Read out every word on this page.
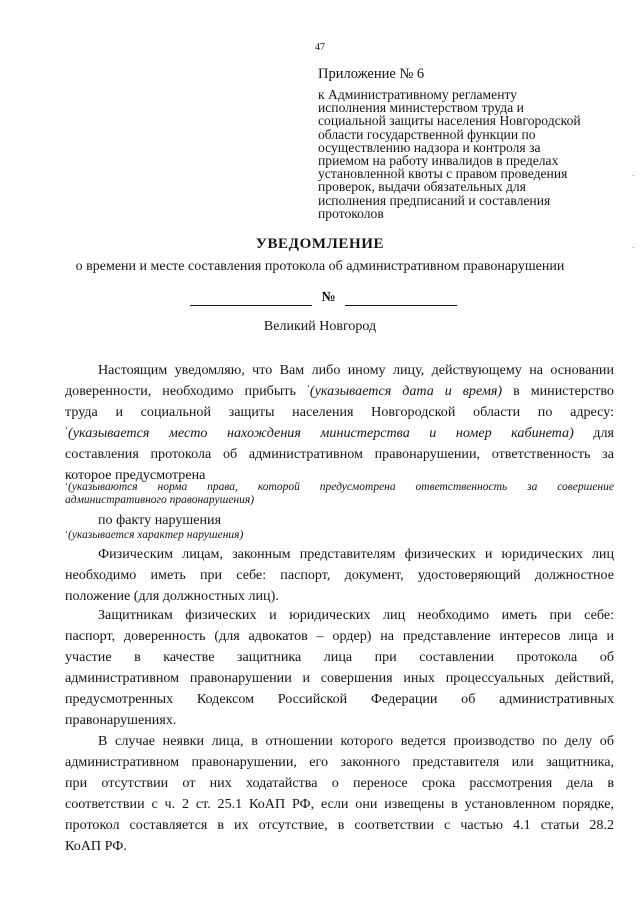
47
Приложение № 6
к Административному регламенту
исполнения министерством труда и
социальной защиты населения Новгородской
области государственной функции по
осуществлению надзора и контроля за
приемом на работу инвалидов в пределах
установленной квоты с правом проведения
проверок, выдачи обязательных для
исполнения предписаний и составления
протоколов
УВЕДОМЛЕНИЕ
о времени и месте составления протокола об административном правонарушении
№
Великий Новгород
Настоящим уведомляю, что Вам либо иному лицу, действующему на основании
доверенности, необходимо прибыть ‘(указывается дата и время) в министерство
труда и социальной защиты населения Новгородской области по адресу:
‘(указывается место нахождения министерства и номер кабинета) для
составления протокола об административном правонарушении, ответственность за
которое предусмотрена
‘(указываются норма права, которой предусмотрена ответственность за совершение
административного правонарушения)
по факту нарушения
‘(указывается характер нарушения)
Физическим лицам, законным представителям физических и юридических лиц
необходимо иметь при себе: паспорт, документ, удостоверяющий должностное
положение (для должностных лиц).
Защитникам физических и юридических лиц необходимо иметь при себе:
паспорт, доверенность (для адвокатов – ордер) на представление интересов лица и
участие в качестве защитника лица при составлении протокола об
административном правонарушении и совершения иных процессуальных действий,
предусмотренных Кодексом Российской Федерации об административных
правонарушениях.
В случае неявки лица, в отношении которого ведется производство по делу об
административном правонарушении, его законного представителя или защитника,
при отсутствии от них ходатайства о переносе срока рассмотрения дела в
соответствии с ч. 2 ст. 25.1 КоАП РФ, если они извещены в установленном порядке,
протокол составляется в их отсутствие, в соответствии с частью 4.1 статьи 28.2
КоАП РФ.
.
.
